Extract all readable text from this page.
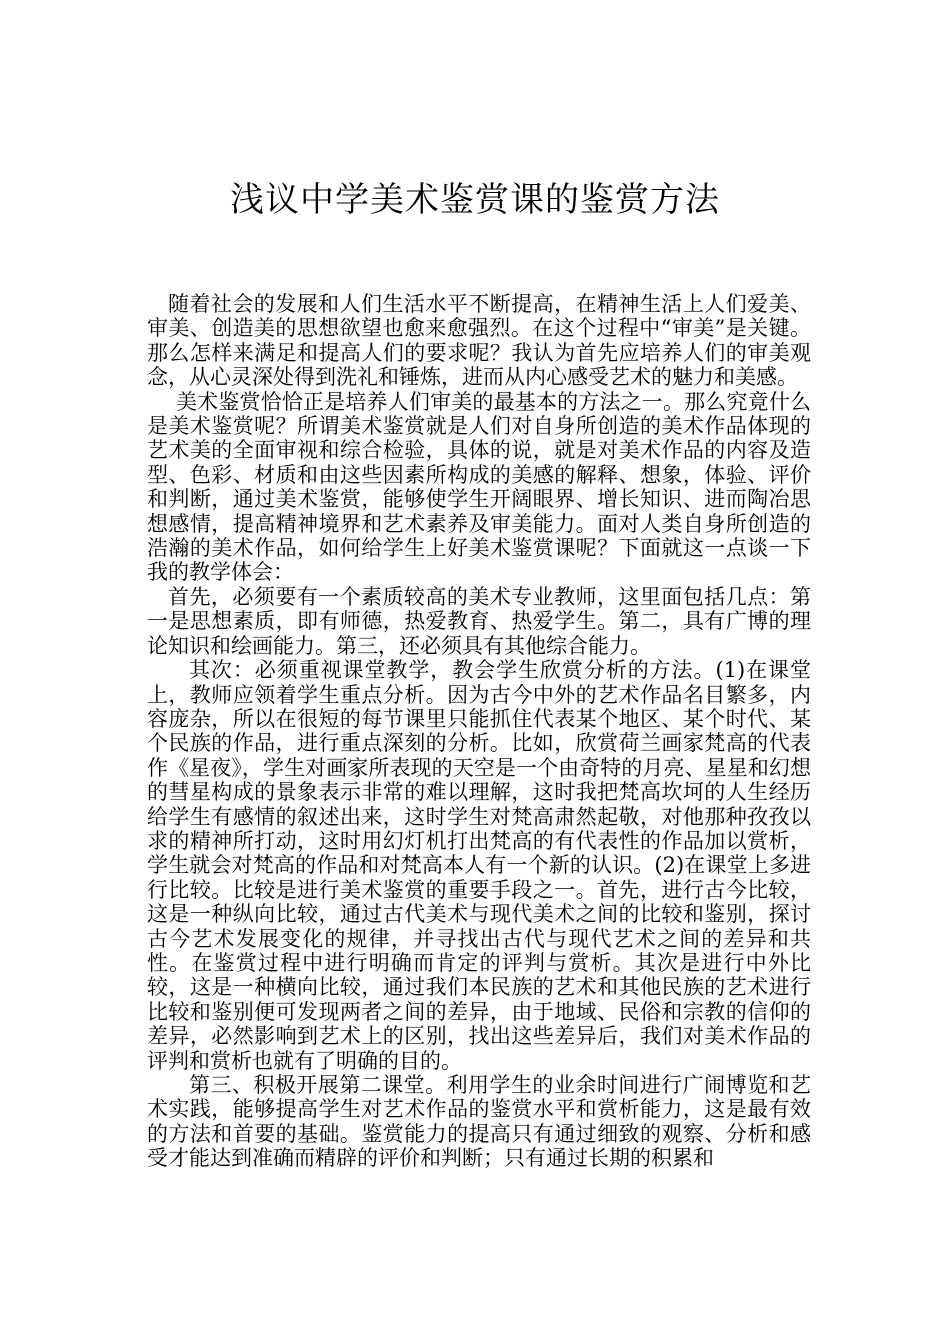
浅议中学美术鉴赏课的鉴赏方法

随着社会的发展和人们生活水平不断提高，在精神生活上人们爱美、审美、创造美的思想欲望也愈来愈强烈。在这个过程中“审美”是关键。那么怎样来满足和提高人们的要求呢？我认为首先应培养人们的审美观念，从心灵深处得到洗礼和锤炼，进而从内心感受艺术的魅力和美感。

美术鉴赏恰恰正是培养人们审美的最基本的方法之一。那么究竟什么是美术鉴赏呢？所谓美术鉴赏就是人们对自身所创造的美术作品体现的艺术美的全面审视和综合检验，具体的说，就是对美术作品的内容及造型、色彩、材质和由这些因素所构成的美感的解释、想象，体验、评价和判断，通过美术鉴赏，能够使学生开阔眼界、增长知识、进而陶冶思想感情，提高精神境界和艺术素养及审美能力。面对人类自身所创造的浩瀚的美术作品，如何给学生上好美术鉴赏课呢？下面就这一点谈一下我的教学体会：

首先，必须要有一个素质较高的美术专业教师，这里面包括几点：第一是思想素质，即有师德，热爱教育、热爱学生。第二，具有广博的理论知识和绘画能力。第三，还必须具有其他综合能力。

其次：必须重视课堂教学，教会学生欣赏分析的方法。(1)在课堂上，教师应领着学生重点分析。因为古今中外的艺术作品名目繁多，内容庞杂，所以在很短的每节课里只能抓住代表某个地区、某个时代、某个民族的作品，进行重点深刻的分析。比如，欣赏荷兰画家梵高的代表作《星夜》，学生对画家所表现的天空是一个由奇特的月亮、星星和幻想的彗星构成的景象表示非常的难以理解，这时我把梵高坎坷的人生经历给学生有感情的叙述出来，这时学生对梵高肃然起敬，对他那种孜孜以求的精神所打动，这时用幻灯机打出梵高的有代表性的作品加以赏析，学生就会对梵高的作品和对梵高本人有一个新的认识。(2)在课堂上多进行比较。比较是进行美术鉴赏的重要手段之一。首先，进行古今比较，这是一种纵向比较，通过古代美术与现代美术之间的比较和鉴别，探讨古今艺术发展变化的规律，并寻找出古代与现代艺术之间的差异和共性。在鉴赏过程中进行明确而肯定的评判与赏析。其次是进行中外比较，这是一种横向比较，通过我们本民族的艺术和其他民族的艺术进行比较和鉴别便可发现两者之间的差异，由于地域、民俗和宗教的信仰的差异，必然影响到艺术上的区别，找出这些差异后，我们对美术作品的评判和赏析也就有了明确的目的。

第三、积极开展第二课堂。利用学生的业余时间进行广闹博览和艺术实践，能够提高学生对艺术作品的鉴赏水平和赏析能力，这是最有效的方法和首要的基础。鉴赏能力的提高只有通过细致的观察、分析和感受才能达到准确而精辟的评价和判断；只有通过长期的积累和
